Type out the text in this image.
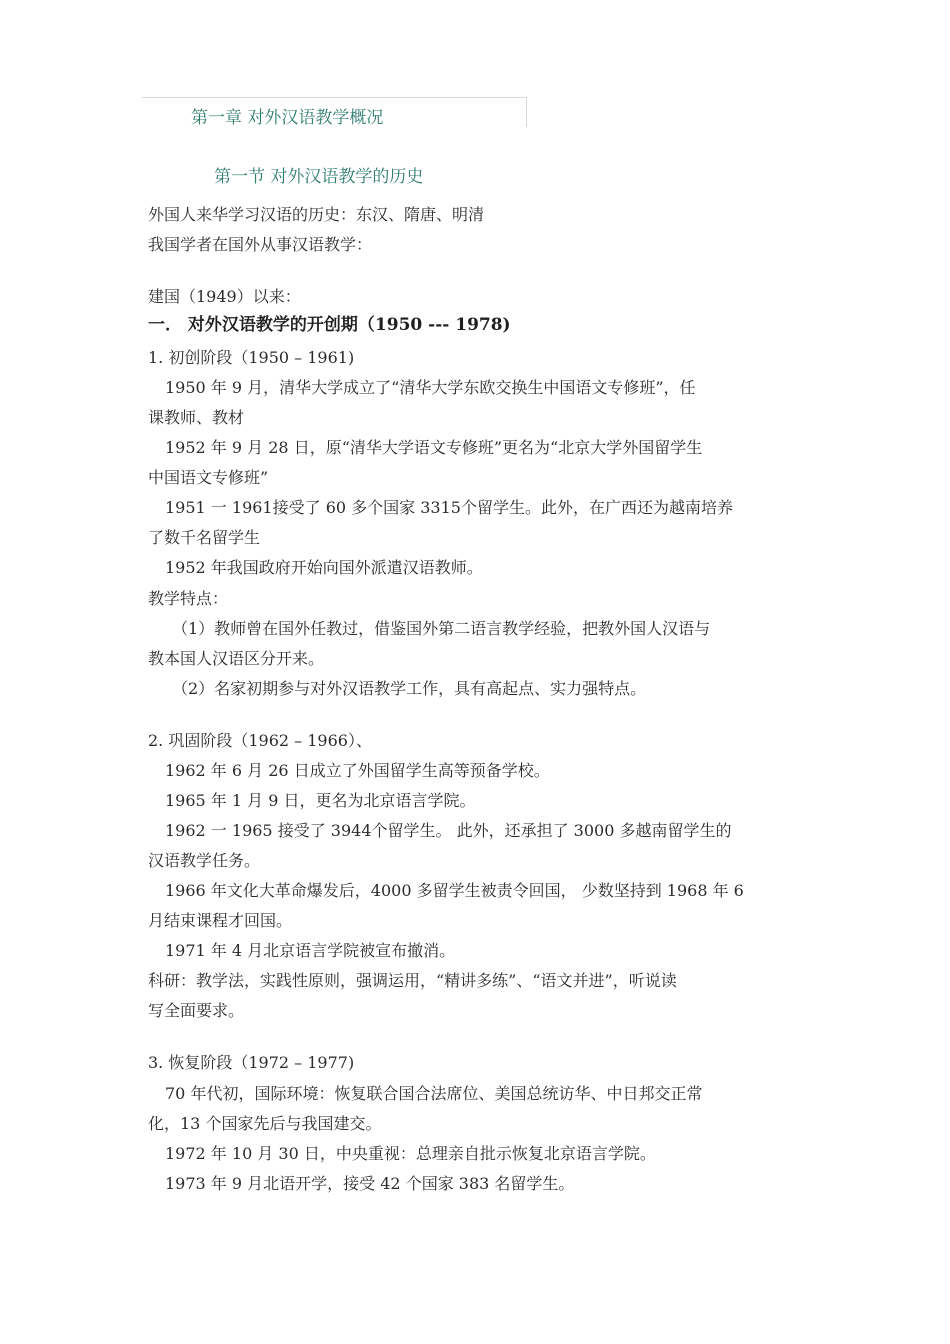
第一章 对外汉语教学概况
第一节 对外汉语教学的历史
外国人来华学习汉语的历史：东汉、隋唐、明清
我国学者在国外从事汉语教学：
建国（1949）以来：
一． 对外汉语教学的开创期（1950 --- 1978)
1. 初创阶段（1950 – 1961)
1950 年 9 月，清华大学成立了“清华大学东欧交换生中国语文专修班”，任
课教师、教材
1952 年 9 月 28 日，原“清华大学语文专修班”更名为“北京大学外国留学生
中国语文专修班”
1951 一 1961接受了 60 多个国家 3315个留学生。此外，在广西还为越南培养
了数千名留学生
1952 年我国政府开始向国外派遣汉语教师。
教学特点：
（1）教师曾在国外任教过，借鉴国外第二语言教学经验，把教外国人汉语与
教本国人汉语区分开来。
（2）名家初期参与对外汉语教学工作，具有高起点、实力强特点。
2. 巩固阶段（1962 – 1966）、
1962 年 6 月 26 日成立了外国留学生高等预备学校。
1965 年 1 月 9 日，更名为北京语言学院。
1962 一 1965 接受了 3944个留学生。 此外，还承担了 3000 多越南留学生的
汉语教学任务。
1966 年文化大革命爆发后，4000 多留学生被责令回国， 少数坚持到 1968 年 6
月结束课程才回国。
1971 年 4 月北京语言学院被宣布撤消。
科研：教学法，实践性原则，强调运用，“精讲多练”、“语文并进”，听说读
写全面要求。
3. 恢复阶段（1972 – 1977)
70 年代初，国际环境：恢复联合国合法席位、美国总统访华、中日邦交正常
化，13 个国家先后与我国建交。
1972 年 10 月 30 日，中央重视：总理亲自批示恢复北京语言学院。
1973 年 9 月北语开学，接受 42 个国家 383 名留学生。
